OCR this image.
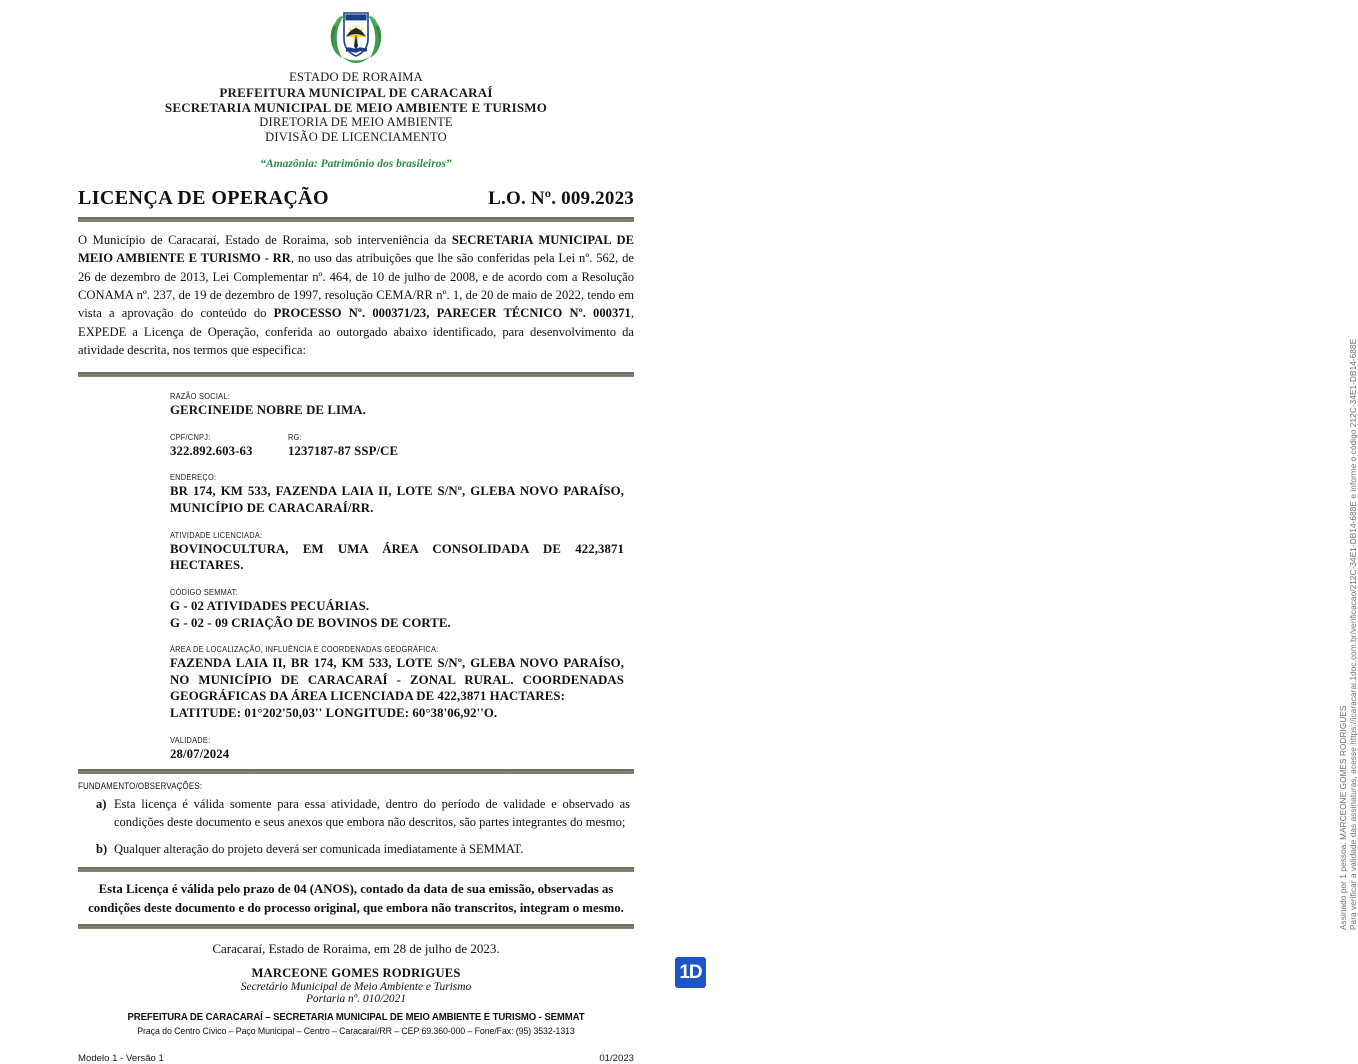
ESTADO DE RORAIMA
PREFEITURA MUNICIPAL DE CARACARAÍ
SECRETARIA MUNICIPAL DE MEIO AMBIENTE E TURISMO
DIRETORIA DE MEIO AMBIENTE
DIVISÃO DE LICENCIAMENTO
“Amazônia: Patrimônio dos brasileiros”
LICENÇA DE OPERAÇÃO	L.O. Nº. 009.2023

O Município de Caracaraí, Estado de Roraima, sob interveniência da SECRETARIA MUNICIPAL DE MEIO AMBIENTE E TURISMO - RR, no uso das atribuições que lhe são conferidas pela Lei nº. 562, de 26 de dezembro de 2013, Lei Complementar nº. 464, de 10 de julho de 2008, e de acordo com a Resolução CONAMA nº. 237, de 19 de dezembro de 1997, resolução CEMA/RR nº. 1, de 20 de maio de 2022, tendo em vista a aprovação do conteúdo do PROCESSO Nº. 000371/23, PARECER TÉCNICO Nº. 000371, EXPEDE a Licença de Operação, conferida ao outorgado abaixo identificado, para desenvolvimento da atividade descrita, nos termos que especifica:

RAZÃO SOCIAL:
GERCINEIDE NOBRE DE LIMA.
CPF/CNPJ:	RG:
322.892.603-63	1237187-87 SSP/CE
ENDEREÇO:
BR 174, KM 533, FAZENDA LAIA II, LOTE S/Nº, GLEBA NOVO PARAÍSO, MUNICÍPIO DE CARACARAÍ/RR.
ATIVIDADE LICENCIADA:
BOVINOCULTURA, EM UMA ÁREA CONSOLIDADA DE 422,3871 HECTARES.
CÓDIGO SEMMAT:
G - 02 ATIVIDADES PECUÁRIAS.
G - 02 - 09 CRIAÇÃO DE BOVINOS DE CORTE.
ÁREA DE LOCALIZAÇÃO, INFLUÊNCIA E COORDENADAS GEOGRÁFICA:
FAZENDA LAIA II, BR 174, KM 533, LOTE S/Nº, GLEBA NOVO PARAÍSO, NO MUNICÍPIO DE CARACARAÍ - ZONAL RURAL. COORDENADAS GEOGRÁFICAS DA ÁREA LICENCIADA DE 422,3871 HACTARES:
LATITUDE: 01°202'50,03'' LONGITUDE: 60°38'06,92''O.
VALIDADE:
28/07/2024
FUNDAMENTO/OBSERVAÇÕES:
a) Esta licença é válida somente para essa atividade, dentro do período de validade e observado as condições deste documento e seus anexos que embora não descritos, são partes integrantes do mesmo;
b) Qualquer alteração do projeto deverá ser comunicada imediatamente à SEMMAT.
Esta Licença é válida pelo prazo de 04 (ANOS), contado da data de sua emissão, observadas as condições deste documento e do processo original, que embora não transcritos, integram o mesmo.
Caracaraí, Estado de Roraima, em 28 de julho de 2023.
MARCEONE GOMES RODRIGUES
Secretário Municipal de Meio Ambiente e Turismo
Portaria nº. 010/2021
PREFEITURA DE CARACARAÍ – SECRETARIA MUNICIPAL DE MEIO AMBIENTE E TURISMO - SEMMAT
Praça do Centro Cívico – Paço Municipal – Centro – Caracaraí/RR – CEP 69.360-000 – Fone/Fax: (95) 3532-1313
Modelo 1 - Versão 1	01/2023
Assinado por 1 pessoa: MARCEONE GOMES RODRIGUES Para verificar a validade das assinaturas, acesse https://icaracarai.1doc.com.br/verificacao/212C-34E1-DB14-688E e informe o código 212C-34E1-DB14-688E
1D
